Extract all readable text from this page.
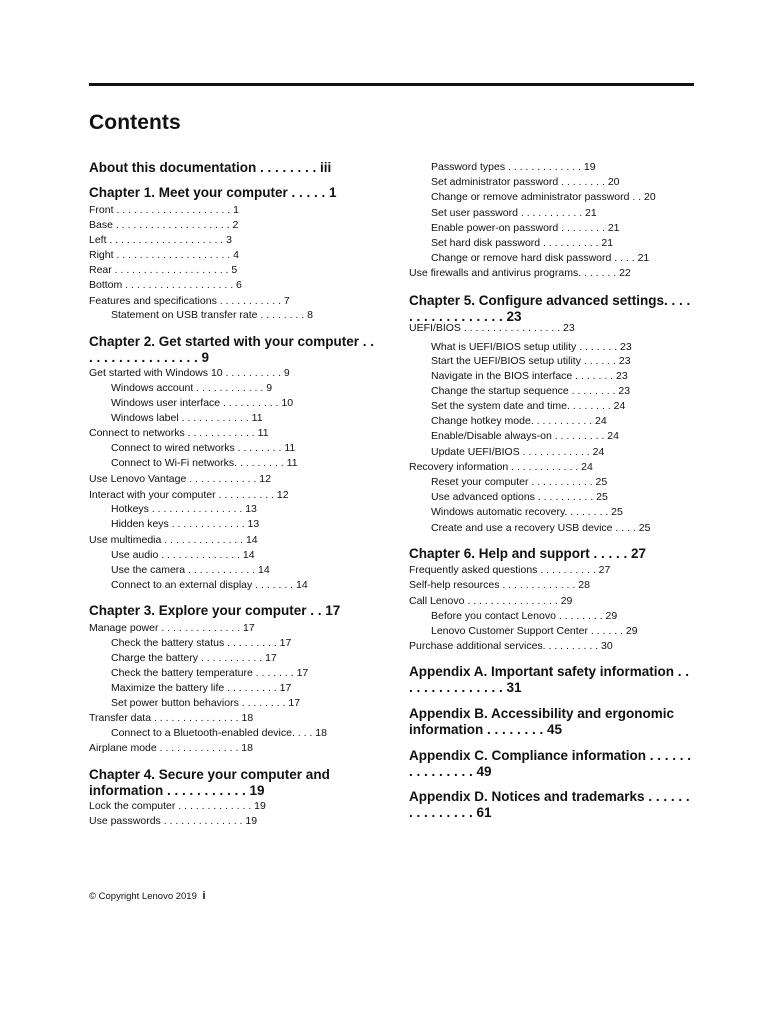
Contents
About this documentation . . . . . . . . iii
Chapter 1. Meet your computer . . . . . 1
Front . . . . . . . . . . . . . . . . . . . . 1
Base . . . . . . . . . . . . . . . . . . . . 2
Left . . . . . . . . . . . . . . . . . . . . 3
Right . . . . . . . . . . . . . . . . . . . . 4
Rear . . . . . . . . . . . . . . . . . . . . 5
Bottom . . . . . . . . . . . . . . . . . . . 6
Features and specifications . . . . . . . . . . . 7
Statement on USB transfer rate . . . . . . . . 8
Chapter 2. Get started with your computer . . . . . . . . . . . . . . . . . 9
Get started with Windows 10 . . . . . . . . . . 9
Windows account . . . . . . . . . . . . 9
Windows user interface . . . . . . . . . . 10
Windows label . . . . . . . . . . . . 11
Connect to networks . . . . . . . . . . . . 11
Connect to wired networks . . . . . . . . 11
Connect to Wi-Fi networks. . . . . . . . . 11
Use Lenovo Vantage . . . . . . . . . . . . 12
Interact with your computer . . . . . . . . . . 12
Hotkeys . . . . . . . . . . . . . . . . 13
Hidden keys . . . . . . . . . . . . . 13
Use multimedia . . . . . . . . . . . . . . 14
Use audio . . . . . . . . . . . . . . 14
Use the camera . . . . . . . . . . . . 14
Connect to an external display . . . . . . . 14
Chapter 3. Explore your computer . . 17
Manage power . . . . . . . . . . . . . . 17
Check the battery status . . . . . . . . . 17
Charge the battery . . . . . . . . . . . 17
Check the battery temperature . . . . . . . 17
Maximize the battery life . . . . . . . . . 17
Set power button behaviors . . . . . . . . 17
Transfer data . . . . . . . . . . . . . . . 18
Connect to a Bluetooth-enabled device. . . . 18
Airplane mode . . . . . . . . . . . . . . 18
Chapter 4. Secure your computer and information . . . . . . . . . . . 19
Lock the computer . . . . . . . . . . . . . 19
Use passwords . . . . . . . . . . . . . . 19
Password types . . . . . . . . . . . . . 19
Set administrator password . . . . . . . . 20
Change or remove administrator password . . 20
Set user password . . . . . . . . . . . 21
Enable power-on password . . . . . . . . 21
Set hard disk password . . . . . . . . . . 21
Change or remove hard disk password . . . . 21
Use firewalls and antivirus programs. . . . . . . 22
Chapter 5. Configure advanced settings. . . . . . . . . . . . . . . . . 23
UEFI/BIOS . . . . . . . . . . . . . . . . . 23
What is UEFI/BIOS setup utility . . . . . . . 23
Start the UEFI/BIOS setup utility . . . . . . 23
Navigate in the BIOS interface . . . . . . . 23
Change the startup sequence . . . . . . . . 23
Set the system date and time. . . . . . . . 24
Change hotkey mode. . . . . . . . . . . 24
Enable/Disable always-on . . . . . . . . . 24
Update UEFI/BIOS . . . . . . . . . . . . 24
Recovery information . . . . . . . . . . . . 24
Reset your computer . . . . . . . . . . . 25
Use advanced options . . . . . . . . . . 25
Windows automatic recovery. . . . . . . . 25
Create and use a recovery USB device . . . . 25
Chapter 6. Help and support . . . . . 27
Frequently asked questions . . . . . . . . . . 27
Self-help resources . . . . . . . . . . . . . 28
Call Lenovo . . . . . . . . . . . . . . . . 29
Before you contact Lenovo . . . . . . . . 29
Lenovo Customer Support Center . . . . . . 29
Purchase additional services. . . . . . . . . . 30
Appendix A. Important safety information . . . . . . . . . . . . . . . 31
Appendix B. Accessibility and ergonomic information . . . . . . . . 45
Appendix C. Compliance information . . . . . . . . . . . . . . . 49
Appendix D. Notices and trademarks . . . . . . . . . . . . . . . 61
© Copyright Lenovo 2019 i
